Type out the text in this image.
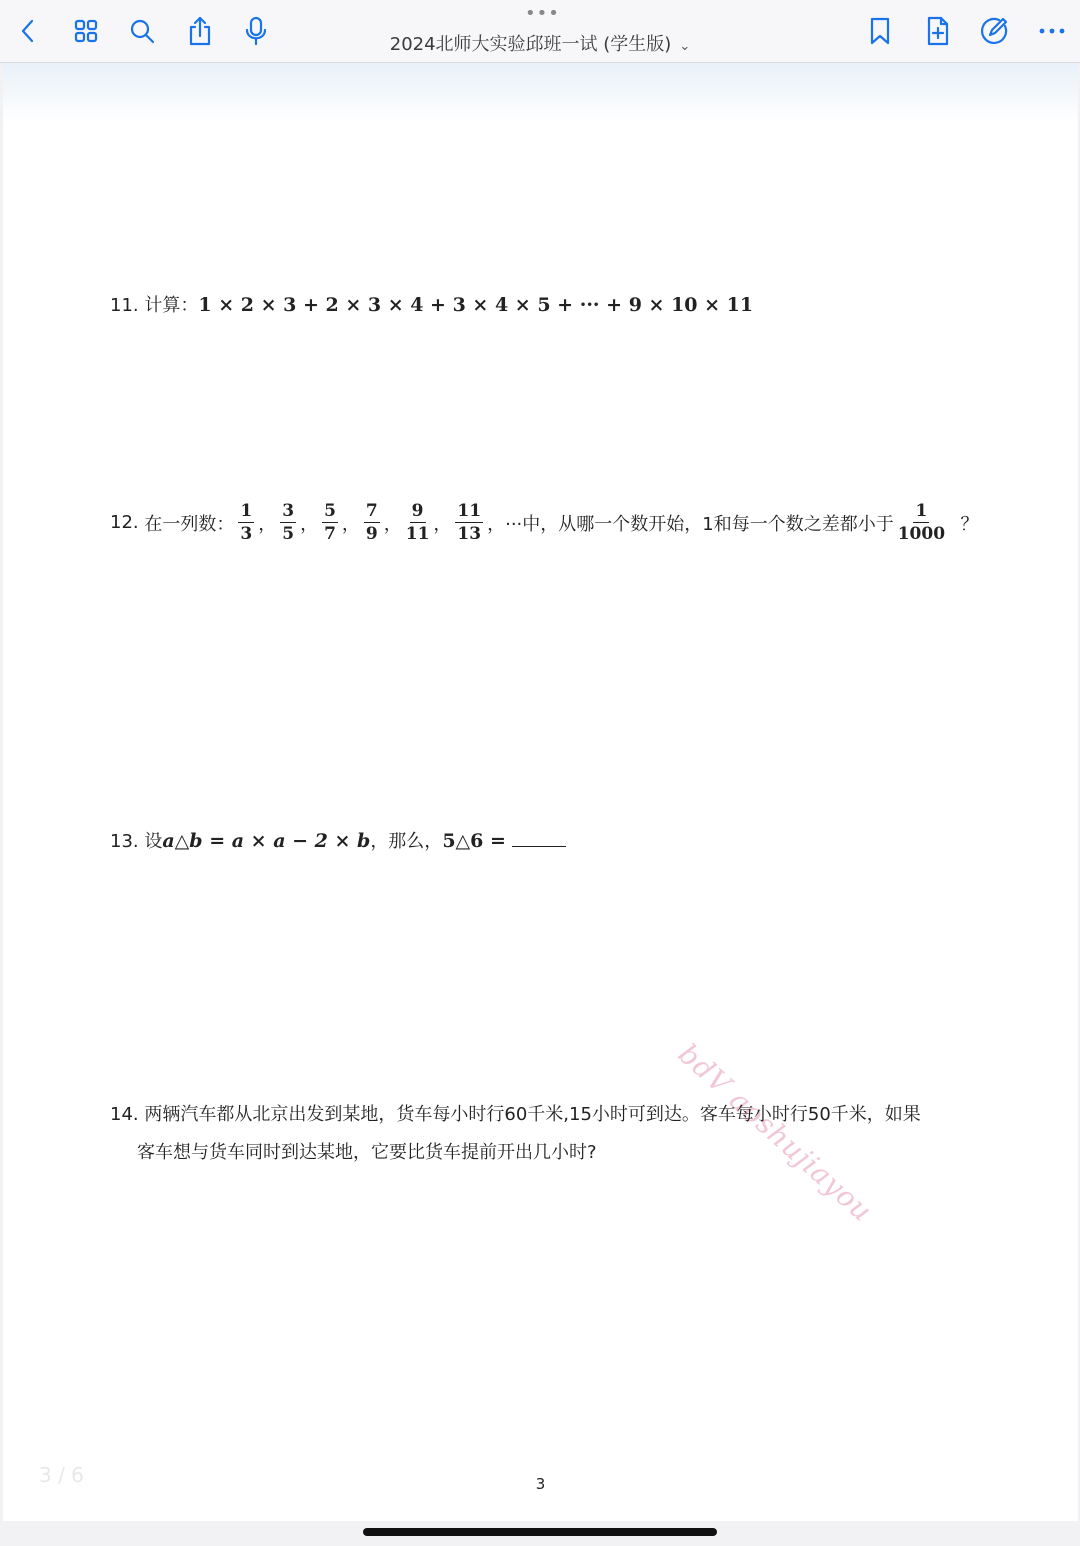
•••
2024北师大实验邱班一试 (学生版) ⌄
11. 计算：1 × 2 × 3 + 2 × 3 × 4 + 3 × 4 × 5 + ··· + 9 × 10 × 11
12.
在一列数： $\frac{1}{3}$ ， $\frac{3}{5}$ ， $\frac{5}{7}$ ， $\frac{7}{9}$ ， $\frac{9}{11}$ ， $\frac{11}{13}$ ， ···中，从哪一个数开始，1和每一个数之差都小于 $\frac{1}{1000}$
？
13. 设a△b = a × a − 2 × b，那么，5△6 =
bdV aoshujiayou
14. 两辆汽车都从北京出发到某地，货车每小时行60千米,15小时可到达。客车每小时行50千米，如果
客车想与货车同时到达某地，它要比货车提前开出几小时?
3 / 6	3
